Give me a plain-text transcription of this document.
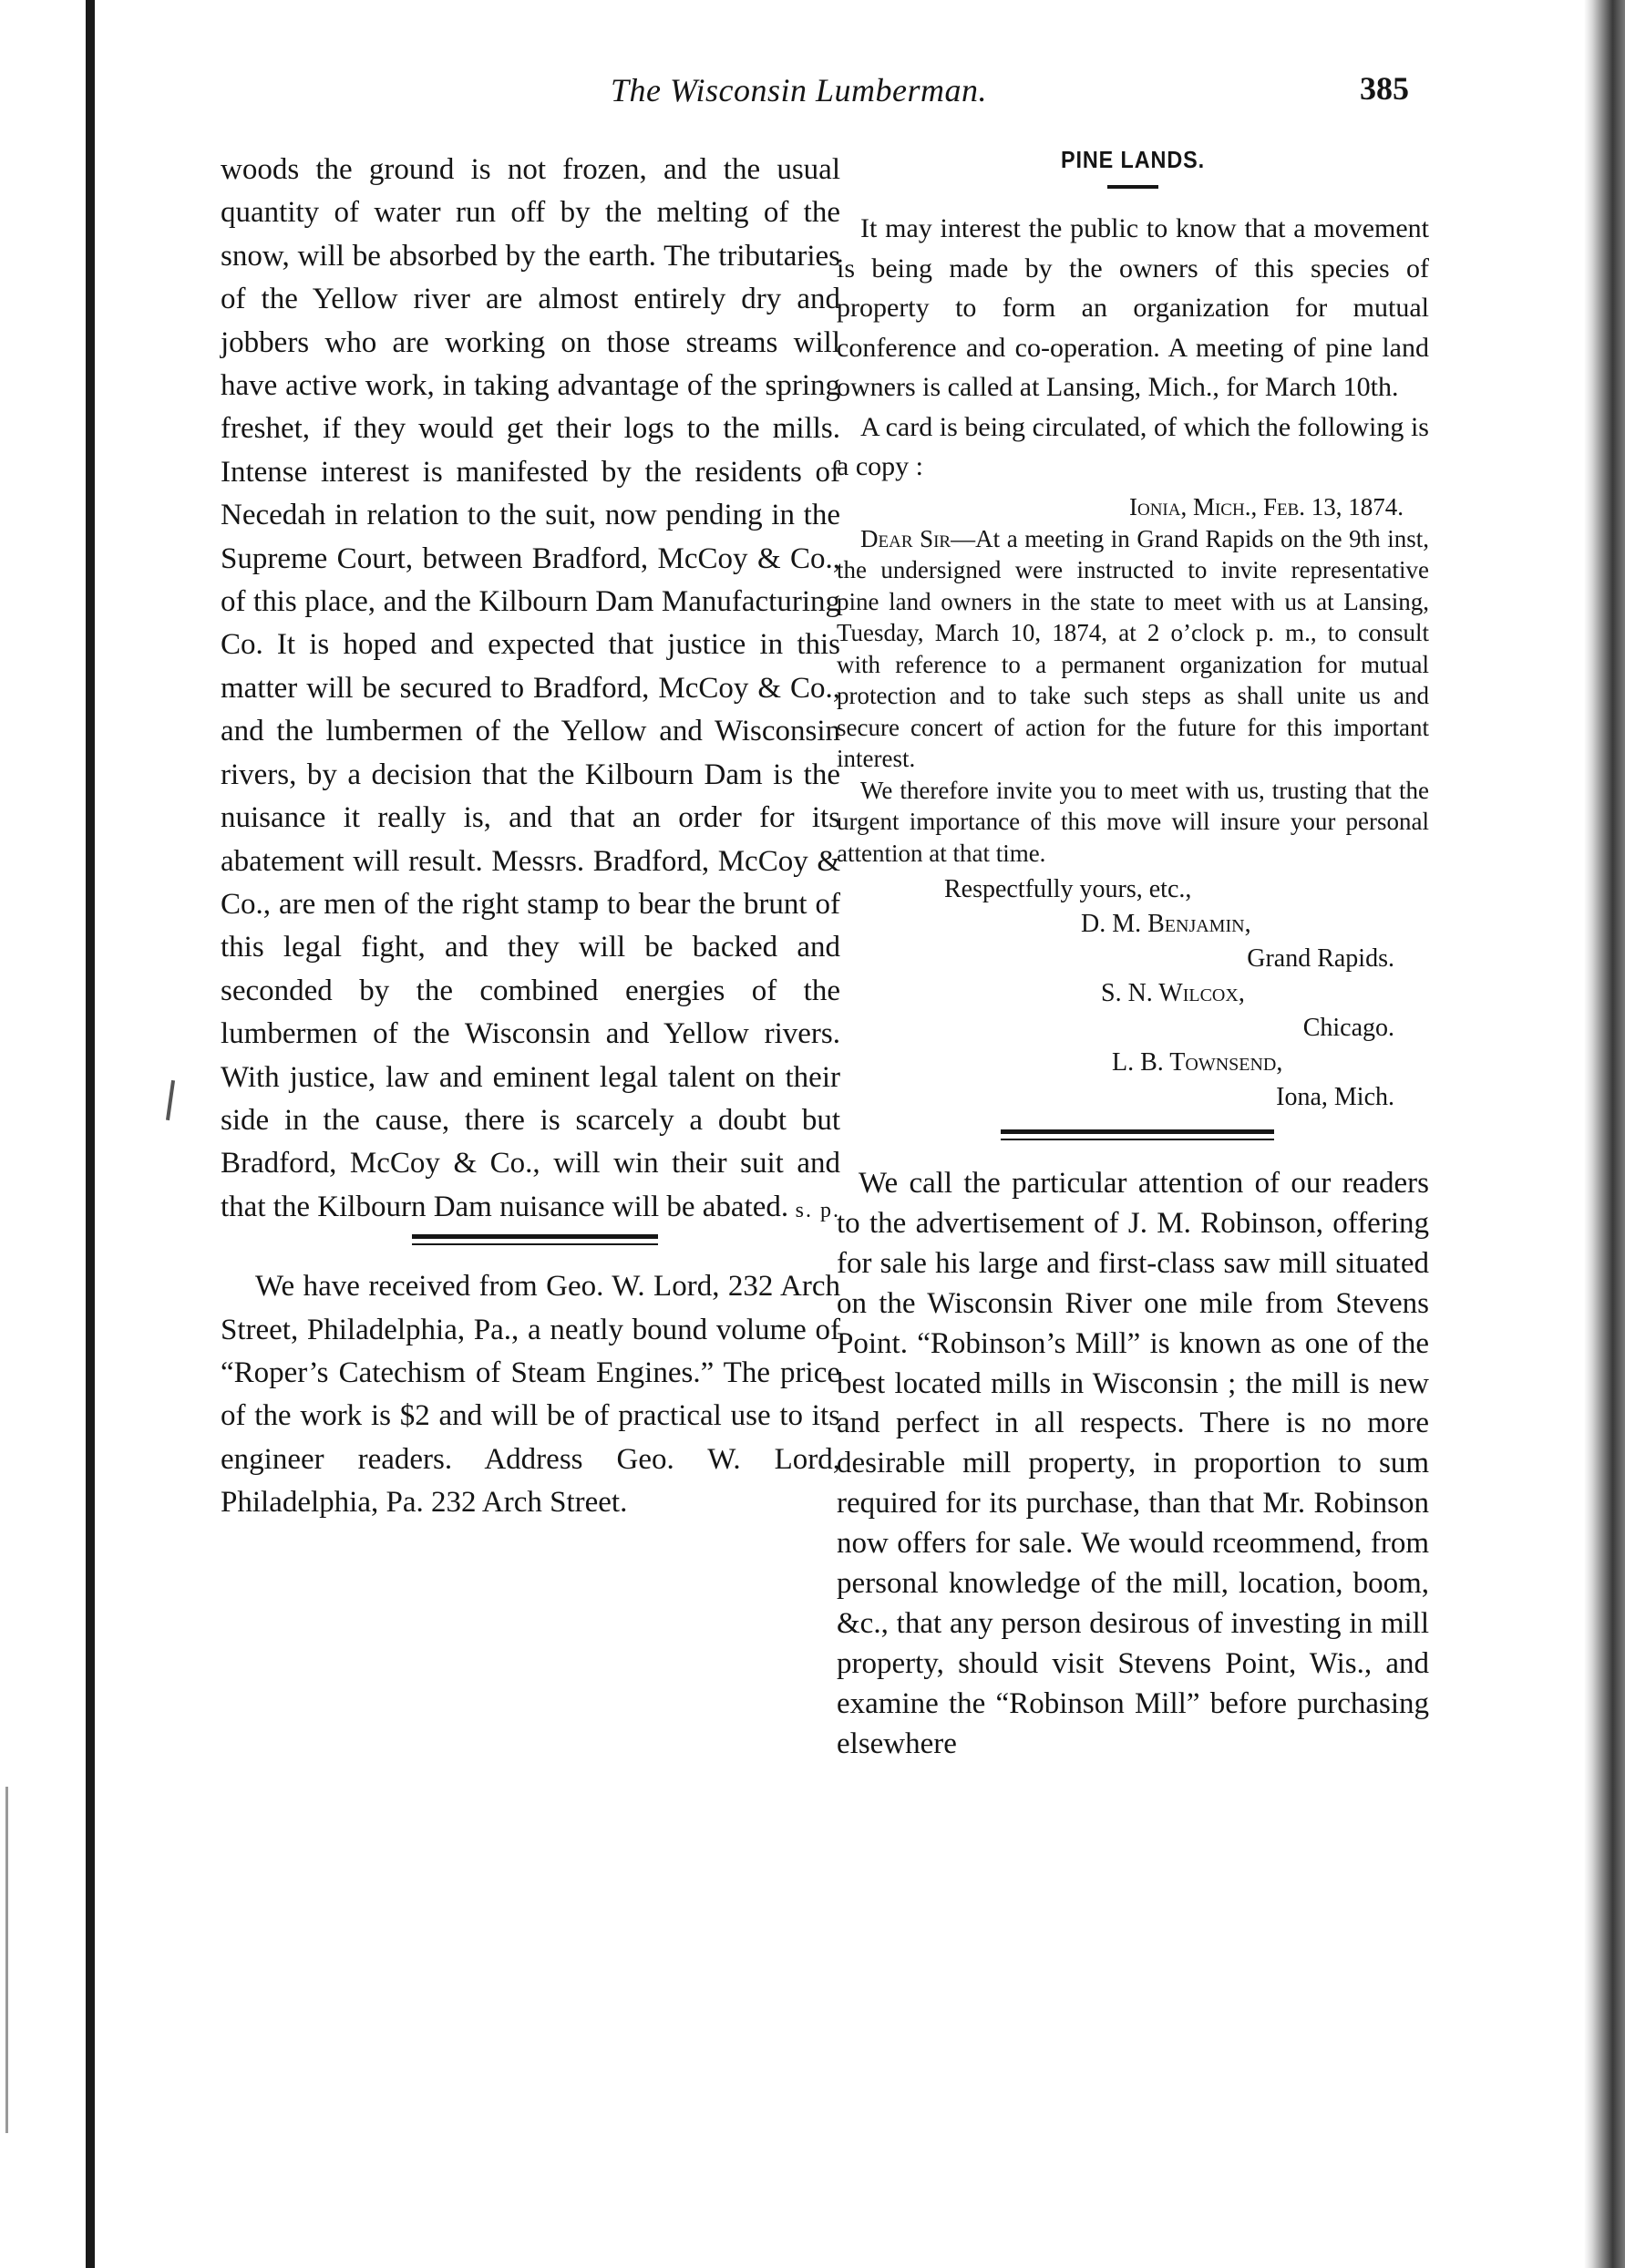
The Wisconsin Lumberman.	385

woods the ground is not frozen, and the usual quantity of water run off by the melting of the snow, will be absorbed by the earth. The tributaries of the Yellow river are almost entirely dry and jobbers who are working on those streams will have active work, in taking advantage of the spring freshet, if they would get their logs to the mills. Intense interest is manifested by the residents of Necedah in relation to the suit, now pending in the Supreme Court, between Bradford, McCoy & Co., of this place, and the Kilbourn Dam Manufacturing Co. It is hoped and expected that justice in this matter will be secured to Bradford, McCoy & Co., and the lumbermen of the Yellow and Wisconsin rivers, by a decision that the Kilbourn Dam is the nuisance it really is, and that an order for its abatement will result. Messrs. Bradford, McCoy & Co., are men of the right stamp to bear the brunt of this legal fight, and they will be backed and seconded by the combined energies of the lumbermen of the Wisconsin and Yellow rivers. With justice, law and eminent legal talent on their side in the cause, there is scarcely a doubt but Bradford, McCoy & Co., will win their suit and that the Kilbourn Dam nuisance will be abated. s. p.

We have received from Geo. W. Lord, 232 Arch Street, Philadelphia, Pa., a neatly bound volume of “Roper’s Catechism of Steam Engines.” The price of the work is $2 and will be of practical use to its engineer readers. Address Geo. W. Lord, Philadelphia, Pa. 232 Arch Street.

PINE LANDS.

It may interest the public to know that a movement is being made by the owners of this species of property to form an organization for mutual conference and co-operation. A meeting of pine land owners is called at Lansing, Mich., for March 10th.

A card is being circulated, of which the following is a copy :

Ionia, Mich., Feb. 13, 1874.

Dear Sir—At a meeting in Grand Rapids on the 9th inst, the undersigned were instructed to invite representative pine land owners in the state to meet with us at Lansing, Tuesday, March 10, 1874, at 2 o’clock p. m., to consult with reference to a permanent organization for mutual protection and to take such steps as shall unite us and secure concert of action for the future for this important interest.

We therefore invite you to meet with us, trusting that the urgent importance of this move will insure your personal attention at that time.

Respectfully yours, etc.,

D. M. Benjamin,

Grand Rapids.

S. N. Wilcox,

Chicago.

L. B. Townsend,

Iona, Mich.

We call the particular attention of our readers to the advertisement of J. M. Robinson, offering for sale his large and first-class saw mill situated on the Wisconsin River one mile from Stevens Point. “Robinson’s Mill” is known as one of the best located mills in Wisconsin ; the mill is new and perfect in all respects. There is no more desirable mill property, in proportion to sum required for its purchase, than that Mr. Robinson now offers for sale. We would rceommend, from personal knowledge of the mill, location, boom, &c., that any person desirous of investing in mill property, should visit Stevens Point, Wis., and examine the “Robinson Mill” before purchasing elsewhere
